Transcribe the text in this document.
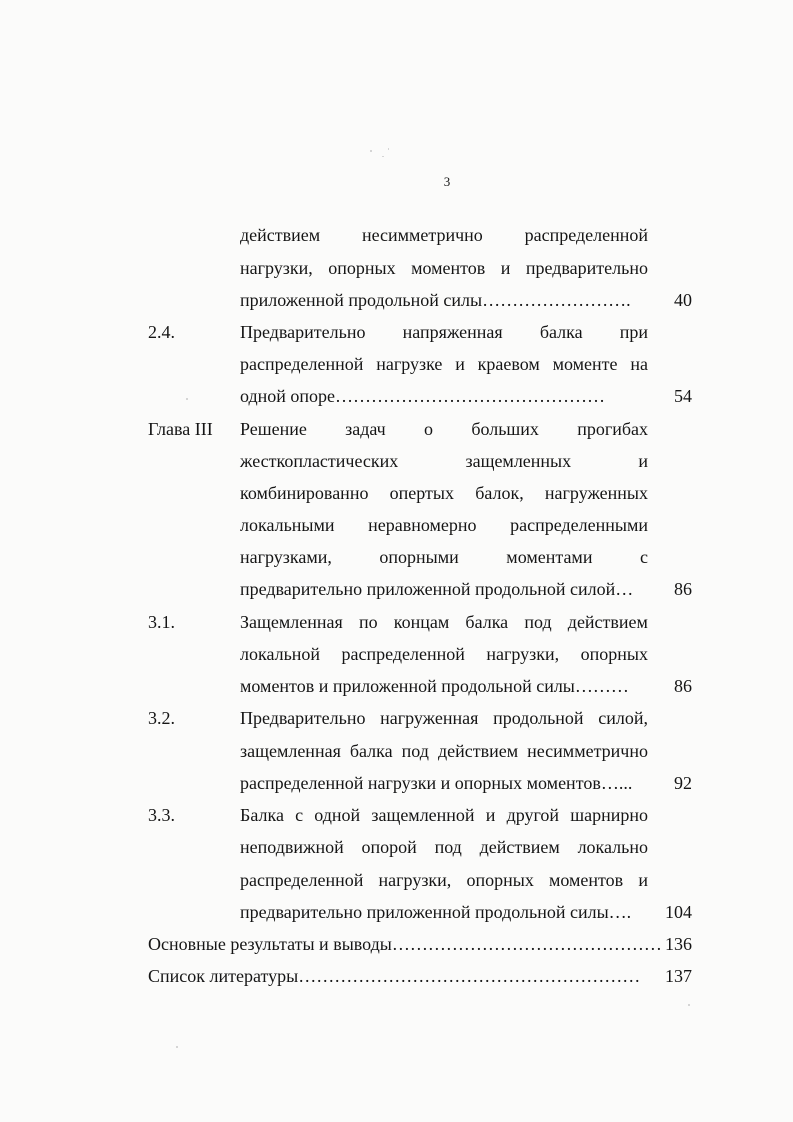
3
действием несимметрично распределенной
нагрузки, опорных моментов и предварительно
приложенной продольной силы…………………….	40
2.4.	Предварительно напряженная балка при
распределенной нагрузке и краевом моменте на
одной опоре………………………………………	54
Глава III Решение задач о больших прогибах
жесткопластических	защемленных	и
комбинированно опертых балок, нагруженных
локальными неравномерно распределенными
нагрузками,	опорными	моментами	с
предварительно приложенной продольной силой…	86
3.1.	Защемленная по концам балка под действием
локальной распределенной нагрузки, опорных
моментов и приложенной продольной силы………	86
3.2.	Предварительно нагруженная продольной силой,
защемленная балка под действием несимметрично
распределенной нагрузки и опорных моментов…...	92
3.3.	Балка с одной защемленной и другой шарнирно
неподвижной опорой под действием локально
распределенной нагрузки, опорных моментов и
предварительно приложенной продольной силы….	104
Основные результаты и выводы……………………………………… 136
Список литературы…………………………………………………	137
